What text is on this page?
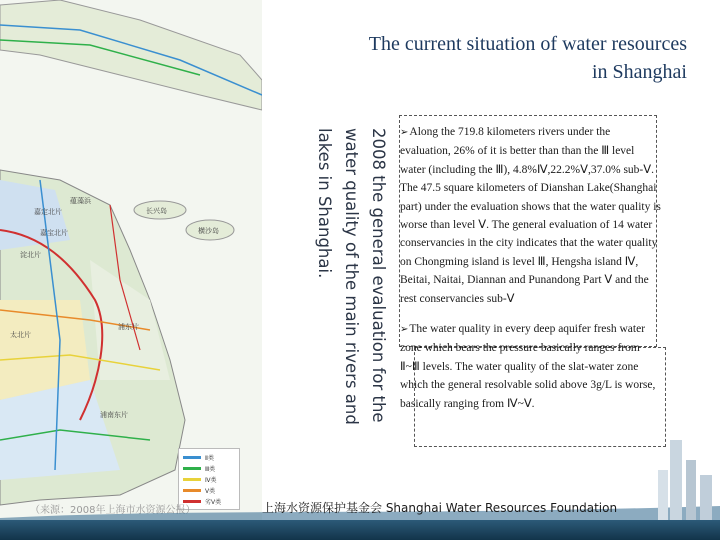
嘉定北片
蕴藻浜
淀北片
嘉宝北片
长兴岛
横沙岛
太北片
浦东片
浦南东片
Ⅱ类
Ⅲ类
Ⅳ类
Ⅴ类
劣Ⅴ类
（来源：2008年上海市水资源公报）
The current situation of water resources in Shanghai
2008 the general evaluation for the water quality of the main rivers and lakes in Shanghai.	➢Along the 719.8 kilometers rivers under the evaluation, 26% of it is better than than the Ⅲ level water (including the Ⅲ), 4.8%Ⅳ,22.2%Ⅴ,37.0% sub-Ⅴ. The 47.5 square kilometers of Dianshan Lake(Shanghai part) under the evaluation shows that the water quality is worse than level Ⅴ. The general evaluation of 14 water conservancies in the city indicates that the water quality on Chongming island is level Ⅲ, Hengsha island Ⅳ, Beitai, Naitai, Diannan and Punandong Part Ⅴ and the rest conservancies sub-Ⅴ

➢The water quality in every deep aquifer fresh water zone which bears the pressure basically ranges from Ⅱ~Ⅲ levels. The water quality of the slat-water zone which the general resolvable solid above 3g/L is worse, basically ranging from Ⅳ~Ⅴ.

上海水资源保护基金会 Shanghai Water Resources Foundation
